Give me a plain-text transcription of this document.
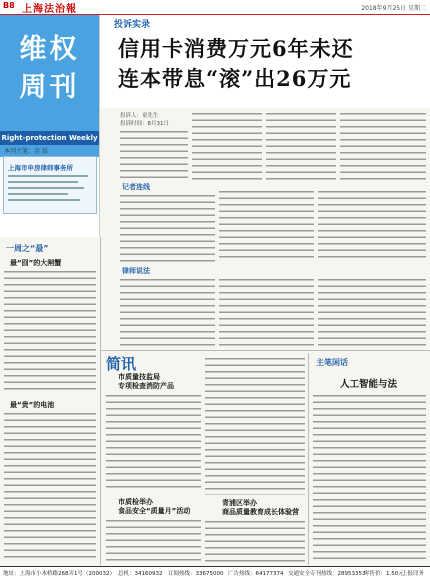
B8 上海法治報	2018年9月25日 星期二
维权
周刊
Right-protection Weekly
本刊主笔：金 辰
上海市申房律师事务所
投诉实录
信用卡消费万元6年未还
连本带息“滚”出26万元
投诉人：童先生
投诉时间：8月31日
记者连线
律师说法
一周之“最”
最“囧”的大闸蟹
最“贵”的电池
简讯
市质量技监局
专项检查消防产品
市质检举办
食品安全“质量月”活动
青浦区举办
商品质量教育成长体验营
主笔闲话
人工智能与法
地址：上海市小木桥路268弄1号（200032） 总机：34160932 订阅热线：33675000 广告热线：64177374 交通安全专刊热线：28953353
零售价：1.50元
上报印务
